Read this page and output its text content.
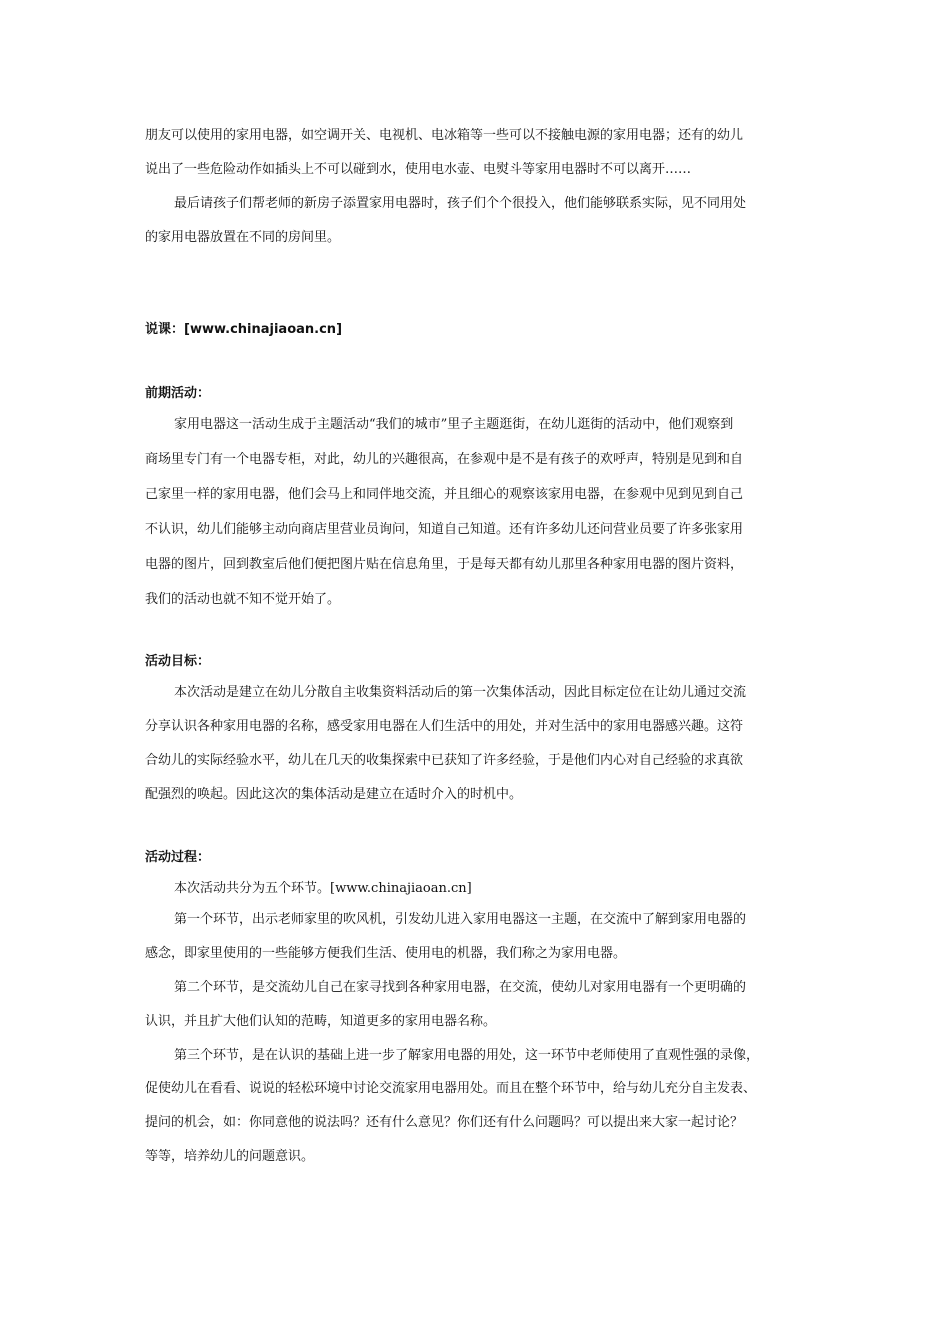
朋友可以使用的家用电器，如空调开关、电视机、电冰箱等一些可以不接触电源的家用电器；还有的幼儿
说出了一些危险动作如插头上不可以碰到水，使用电水壶、电熨斗等家用电器时不可以离开……
最后请孩子们帮老师的新房子添置家用电器时，孩子们个个很投入，他们能够联系实际，见不同用处
的家用电器放置在不同的房间里。
说课：[www.chinajiaoan.cn]
前期活动：
家用电器这一活动生成于主题活动“我们的城市”里子主题逛街，在幼儿逛街的活动中，他们观察到
商场里专门有一个电器专柜，对此，幼儿的兴趣很高，在参观中是不是有孩子的欢呼声，特别是见到和自
己家里一样的家用电器，他们会马上和同伴地交流，并且细心的观察该家用电器，在参观中见到见到自己
不认识，幼儿们能够主动向商店里营业员询问，知道自己知道。还有许多幼儿还问营业员要了许多张家用
电器的图片，回到教室后他们便把图片贴在信息角里，于是每天都有幼儿那里各种家用电器的图片资料，
我们的活动也就不知不觉开始了。
活动目标：
本次活动是建立在幼儿分散自主收集资料活动后的第一次集体活动，因此目标定位在让幼儿通过交流
分享认识各种家用电器的名称，感受家用电器在人们生活中的用处，并对生活中的家用电器感兴趣。这符
合幼儿的实际经验水平，幼儿在几天的收集探索中已获知了许多经验，于是他们内心对自己经验的求真欲
配强烈的唤起。因此这次的集体活动是建立在适时介入的时机中。
活动过程：
本次活动共分为五个环节。[www.chinajiaoan.cn]
第一个环节，出示老师家里的吹风机，引发幼儿进入家用电器这一主题，在交流中了解到家用电器的
感念，即家里使用的一些能够方便我们生活、使用电的机器，我们称之为家用电器。
第二个环节，是交流幼儿自己在家寻找到各种家用电器，在交流，使幼儿对家用电器有一个更明确的
认识，并且扩大他们认知的范畴，知道更多的家用电器名称。
第三个环节，是在认识的基础上进一步了解家用电器的用处，这一环节中老师使用了直观性强的录像，
促使幼儿在看看、说说的轻松环境中讨论交流家用电器用处。而且在整个环节中，给与幼儿充分自主发表、
提问的机会，如：你同意他的说法吗？还有什么意见？你们还有什么问题吗？可以提出来大家一起讨论？
等等，培养幼儿的问题意识。
